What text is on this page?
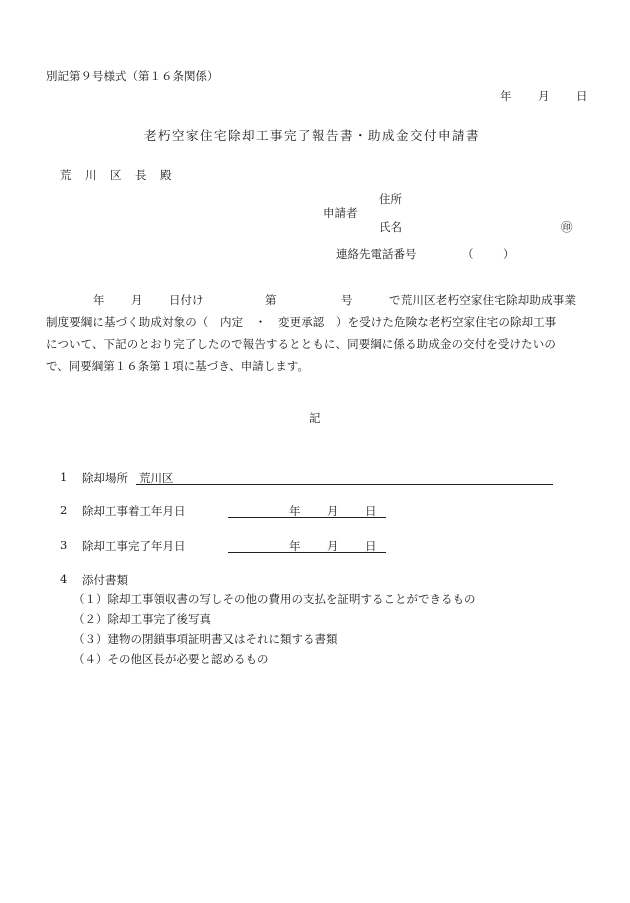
別記第９号様式（第１６条関係）
年 月 日
老朽空家住宅除却工事完了報告書・助成金交付申請書
荒　川　区　長　殿
住所
申請者
氏名	㊞
連絡先電話番号	（	）
年 月 日付け	第	号	で荒川区老朽空家住宅除却助成事業
制度要綱に基づく助成対象の（　内定　・　変更承認　）を受けた危険な老朽空家住宅の除却工事
について、下記のとおり完了したので報告するとともに、同要綱に係る助成金の交付を受けたいの
で、同要綱第１６条第１項に基づき、申請します。
記
1 除却場所 荒川区
2 除却工事着工年月日	年 月 日
3 除却工事完了年月日	年 月 日
4 添付書類
（１）除却工事領収書の写しその他の費用の支払を証明することができるもの
（２）除却工事完了後写真
（３）建物の閉鎖事項証明書又はそれに類する書類
（４）その他区長が必要と認めるもの
